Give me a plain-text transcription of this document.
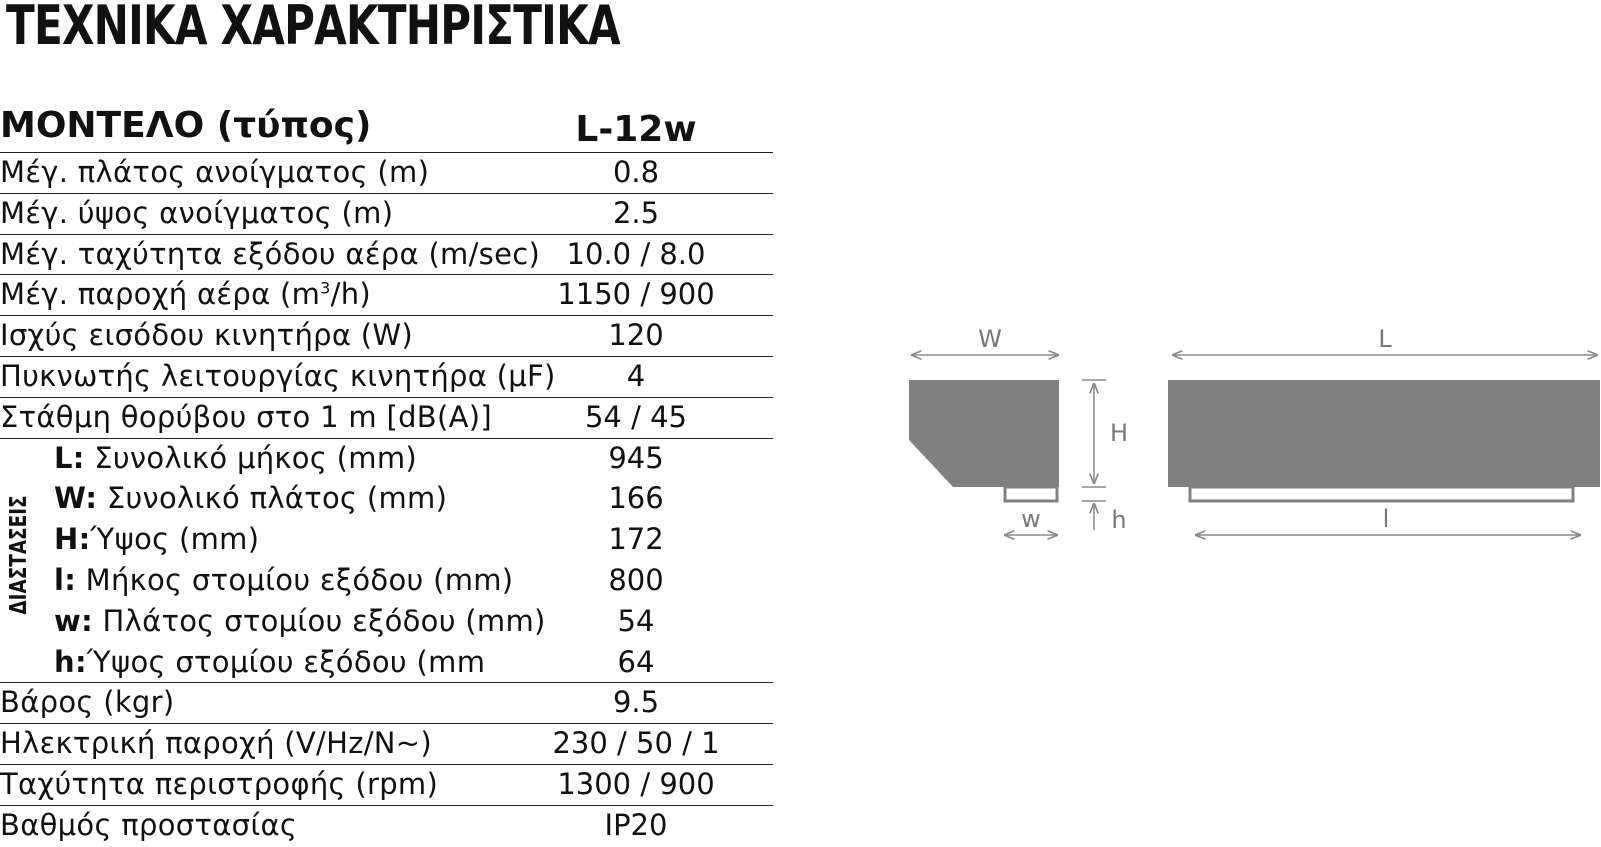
ΤΕΧΝΙΚΑ ΧΑΡΑΚΤΗΡΙΣΤΙΚΑ
ΜΟΝΤΕΛΟ (τύπος)	L-12w
Μέγ. πλάτος ανοίγματος (m)	0.8
Μέγ. ύψος ανοίγματος (m)	2.5
Μέγ. ταχύτητα εξόδου αέρα (m/sec) 10.0 / 8.0
Μέγ. παροχή αέρα $(m^3/h)$	1150 / 900
Ισχύς εισόδου κινητήρα (W)	120
Πυκνωτής λειτουργίας κινητήρα (μF)	4
Στάθμη θορύβου στο 1 m [dB(A)]	54 / 45
L: Συνολικό μήκος (mm)	945
W: Συνολικό πλάτος (mm)	166
H:Ύψος (mm)	172
l: Μήκος στομίου εξόδου (mm)	800
w: Πλάτος στομίου εξόδου (mm)	54
h:Ύψος στομίου εξόδου (mm	64
Βάρος (kgr)	9.5
Ηλεκτρική παροχή (V/Hz/N~)	230 / 50 / 1
Ταχύτητα περιστροφής (rpm)	1300 / 900
Βαθμός προστασίας	IP20
ΔΙΑΣΤΑΣΕΙΣ
W	L
H
h
w	l
